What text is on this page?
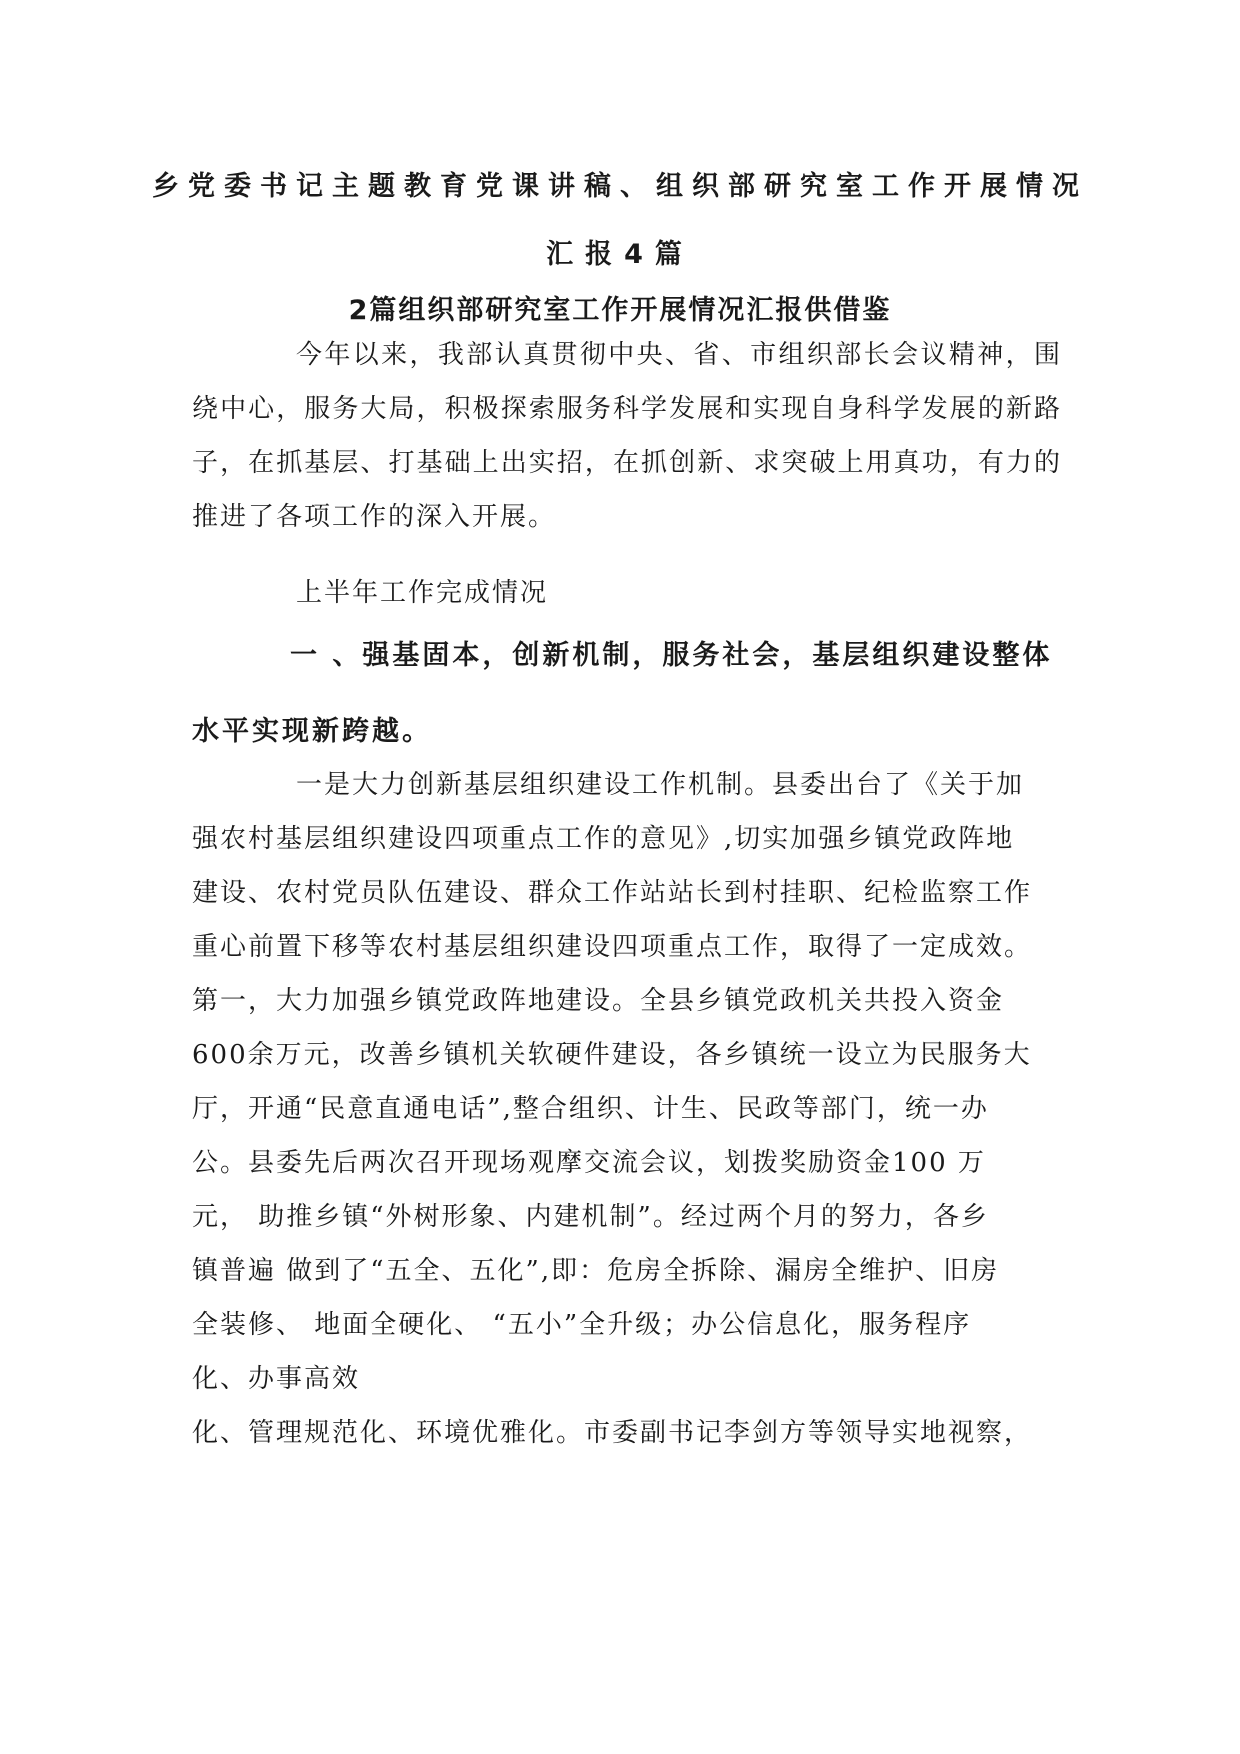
乡党委书记主题教育党课讲稿、组织部研究室工作开展情况
汇报4篇
2篇组织部研究室工作开展情况汇报供借鉴

今年以来，我部认真贯彻中央、省、市组织部长会议精神，围绕中心，服务大局，积极探索服务科学发展和实现自身科学发展的新路子，在抓基层、打基础上出实招，在抓创新、求突破上用真功，有力的推进了各项工作的深入开展。

上半年工作完成情况

一 、强基固本，创新机制，服务社会，基层组织建设整体水平实现新跨越。
一是大力创新基层组织建设工作机制。县委出台了《关于加
强农村基层组织建设四项重点工作的意见》,切实加强乡镇党政阵地
建设、农村党员队伍建设、群众工作站站长到村挂职、纪检监察工作
重心前置下移等农村基层组织建设四项重点工作，取得了一定成效。
第一，大力加强乡镇党政阵地建设。全县乡镇党政机关共投入资金
600余万元，改善乡镇机关软硬件建设，各乡镇统一设立为民服务大
厅，开通“民意直通电话”,整合组织、计生、民政等部门，统一办
公。县委先后两次召开现场观摩交流会议，划拨奖励资金100 万
元， 助推乡镇“外树形象、内建机制”。经过两个月的努力，各乡
镇普遍 做到了“五全、五化”,即：危房全拆除、漏房全维护、旧房
全装修、 地面全硬化、 “五小”全升级；办公信息化，服务程序
化、办事高效
化、管理规范化、环境优雅化。市委副书记李剑方等领导实地视察，
